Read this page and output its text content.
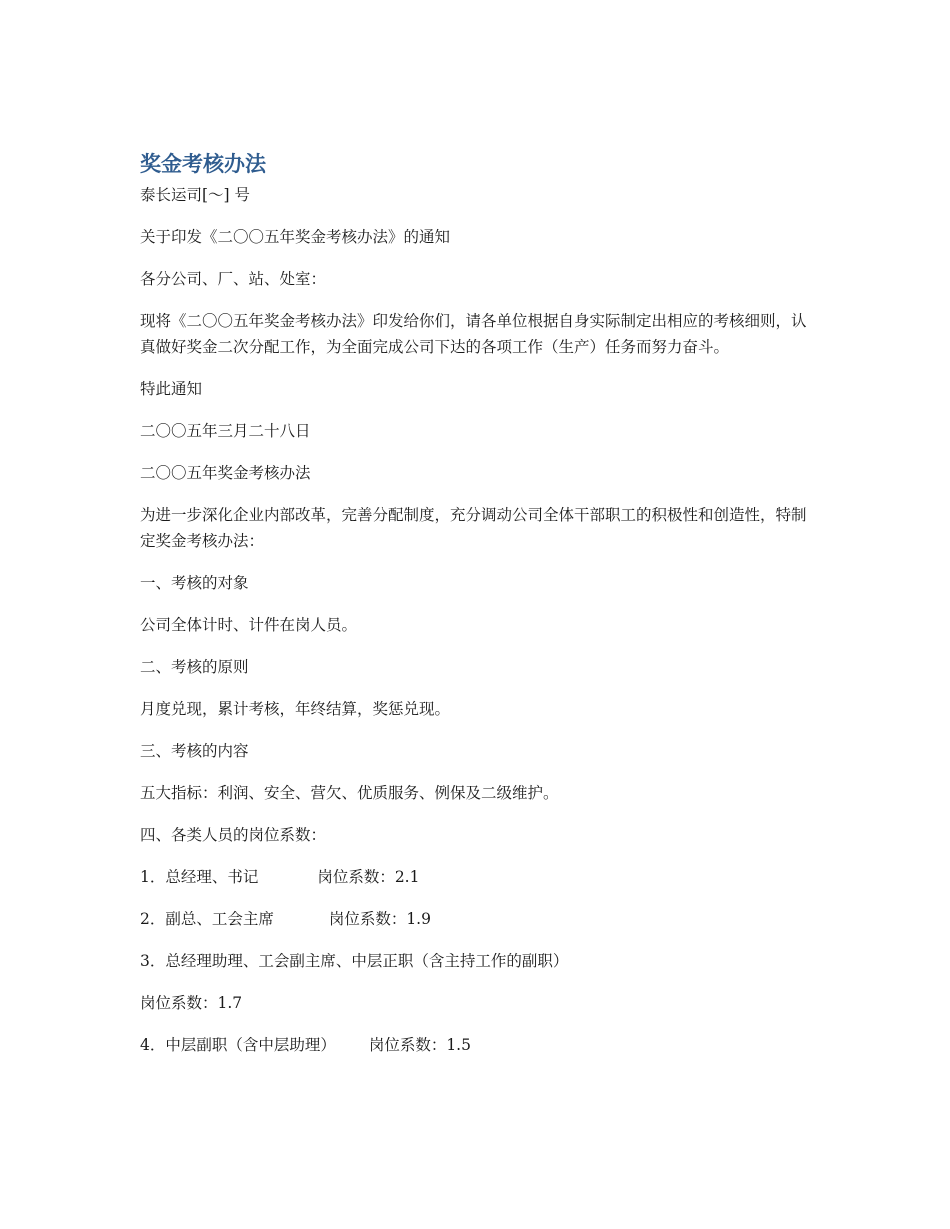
奖金考核办法

泰长运司[～] 号

关于印发《二〇〇五年奖金考核办法》的通知

各分公司、厂、站、处室：

现将《二〇〇五年奖金考核办法》印发给你们，请各单位根据自身实际制定出相应的考核细则，认真做好奖金二次分配工作，为全面完成公司下达的各项工作（生产）任务而努力奋斗。

特此通知

二〇〇五年三月二十八日

二〇〇五年奖金考核办法

为进一步深化企业内部改革，完善分配制度，充分调动公司全体干部职工的积极性和创造性，特制定奖金考核办法：

一、考核的对象

公司全体计时、计件在岗人员。

二、考核的原则

月度兑现，累计考核，年终结算，奖惩兑现。

三、考核的内容

五大指标：利润、安全、营欠、优质服务、例保及二级维护。

四、各类人员的岗位系数：

1．总经理、书记	岗位系数：2.1

2．副总、工会主席	岗位系数：1.9

3．总经理助理、工会副主席、中层正职（含主持工作的副职）

岗位系数：1.7

4．中层副职（含中层助理） 岗位系数：1.5
